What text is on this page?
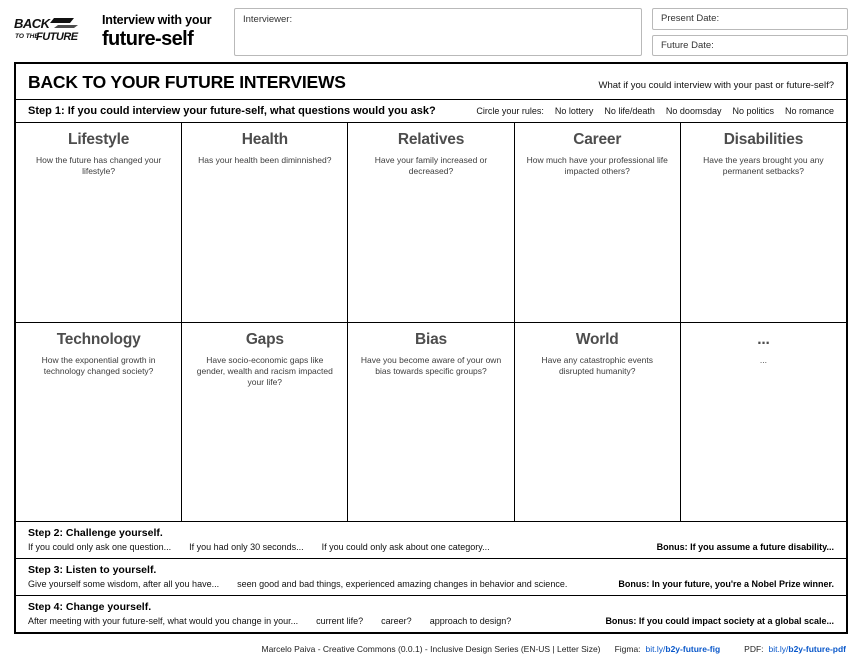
BACK
TO THE
FUTURE
Interview with your
future-self
Interviewer:	Present Date:
Future Date:
BACK TO YOUR FUTURE INTERVIEWS	What if you could interview with your past or future-self?
Step 1: If you could interview your future-self, what questions would you ask?	Circle your rules: No lottery No life/death No doomsday No politics No romance
Lifestyle
How the future has changed your lifestyle?
Health
Has your health been diminnished?
Relatives
Have your family increased or decreased?
Career
How much have your professional life impacted others?
Disabilities
Have the years brought you any permanent setbacks?
Technology
How the exponential growth in technology changed society?
Gaps
Have socio-economic gaps like gender, wealth and racism impacted your life?
Bias
Have you become aware of your own bias towards specific groups?
World
Have any catastrophic events disrupted humanity?
...
...
Step 2: Challenge yourself.
If you could only ask one question... If you had only 30 seconds... If you could only ask about one category...	Bonus: If you assume a future disability...
Step 3: Listen to yourself.
Give yourself some wisdom, after all you have... seen good and bad things, experienced amazing changes in behavior and science.	Bonus: In your future, you're a Nobel Prize winner.
Step 4: Change yourself.
After meeting with your future-self, what would you change in your... current life? career? approach to design?	Bonus: If you could impact society at a global scale...
Marcelo Paiva - Creative Commons (0.0.1) - Inclusive Design Series (EN-US | Letter Size) Figma: bit.ly/b2y-future-fig	PDF: bit.ly/b2y-future-pdf
